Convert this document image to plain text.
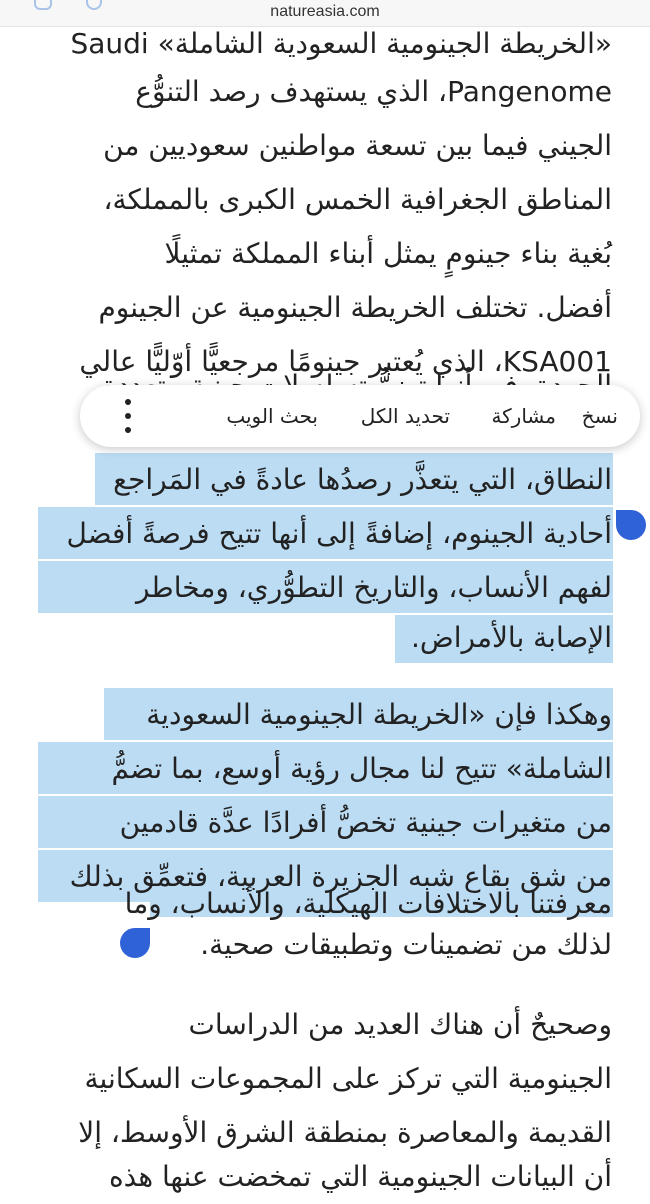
«الخريطة الجينومية السعودية الشاملة» Saudi
Pangenome، الذي يستهدف رصد التنوُّع
الجيني فيما بين تسعة مواطنين سعوديين من
المناطق الجغرافية الخمس الكبرى بالمملكة،
بُغية بناء جينومٍ يمثل أبناء المملكة تمثيلًا
أفضل. تختلف الخريطة الجينومية عن الجينوم
KSA001، الذي يُعتبر جينومًا مرجعيًّا أوّليًّا عالي
النطاق، التي يتعذَّر رصدُها عادةً في المَراجع
أحادية الجينوم، إضافةً إلى أنها تتيح فرصةً أفضل
لفهم الأنساب، والتاريخ التطوُّري، ومخاطر
الإصابة بالأمراض.
وهكذا فإن «الخريطة الجينومية السعودية
الشاملة» تتيح لنا مجال رؤية أوسع، بما تضمُّ
من متغيرات جينية تخصُّ أفرادًا عدَّة قادمين
من شق بقاع شبه الجزيرة العربية، فتعمِّق بذلك
معرفتنا بالاختلافات الهيكلية، والأنساب، وما
لذلك من تضمينات وتطبيقات صحية.
وصحيحٌ أن هناك العديد من الدراسات
الجينومية التي تركز على المجموعات السكانية
القديمة والمعاصرة بمنطقة الشرق الأوسط، إلا
أن البيانات الجينومية التي تمخضت عنها هذه
natureasia.com
نسخ
مشاركة
تحديد الكل
بحث الويب
